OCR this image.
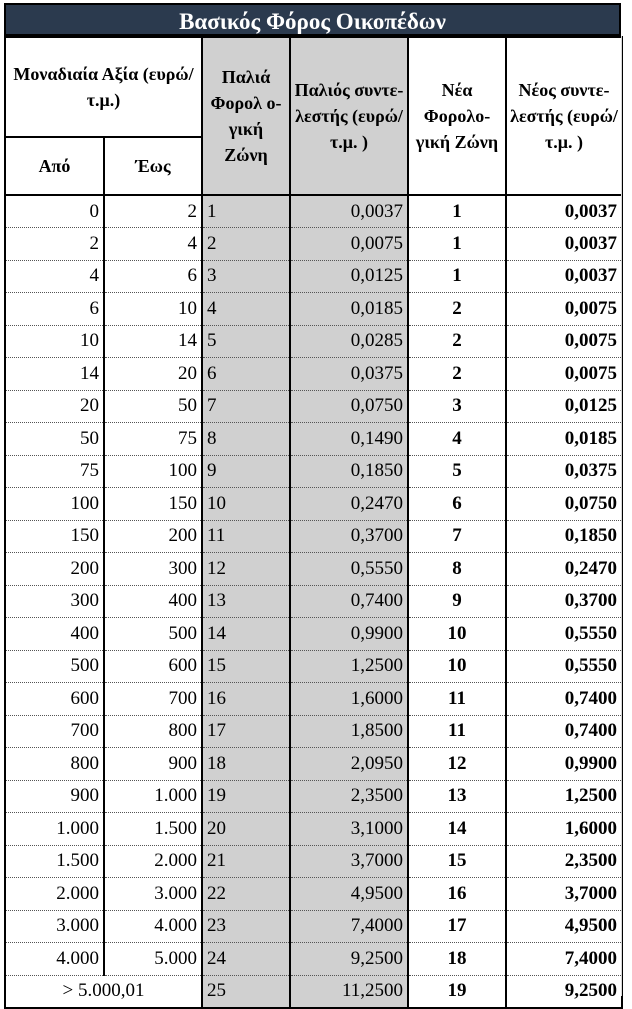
Βασικός Φόρος Οικοπέδων
Μοναδιαία Αξία (ευρώ/τ.μ.)		Παλιά Φορολ ο-γική Ζώνη	Παλιός συντε- λεστής (ευρώ/τ.μ. )	Νέα Φορολο- γική Ζώνη	Νέος συντε- λεστής (ευρώ/τ.μ. )
Από	Έως				
0	2	1	0,0037	1	0,0037
2	4	2	0,0075	1	0,0037
4	6	3	0,0125	1	0,0037
6	10	4	0,0185	2	0,0075
10	14	5	0,0285	2	0,0075
14	20	6	0,0375	2	0,0075
20	50	7	0,0750	3	0,0125
50	75	8	0,1490	4	0,0185
75	100	9	0,1850	5	0,0375
100	150	10	0,2470	6	0,0750
150	200	11	0,3700	7	0,1850
200	300	12	0,5550	8	0,2470
300	400	13	0,7400	9	0,3700
400	500	14	0,9900	10	0,5550
500	600	15	1,2500	10	0,5550
600	700	16	1,6000	11	0,7400
700	800	17	1,8500	11	0,7400
800	900	18	2,0950	12	0,9900
900	1.000	19	2,3500	13	1,2500
1.000	1.500	20	3,1000	14	1,6000
1.500	2.000	21	3,7000	15	2,3500
2.000	3.000	22	4,9500	16	3,7000
3.000	4.000	23	7,4000	17	4,9500
4.000	5.000	24	9,2500	18	7,4000
> 5.000,01		25	11,2500	19	9,2500
